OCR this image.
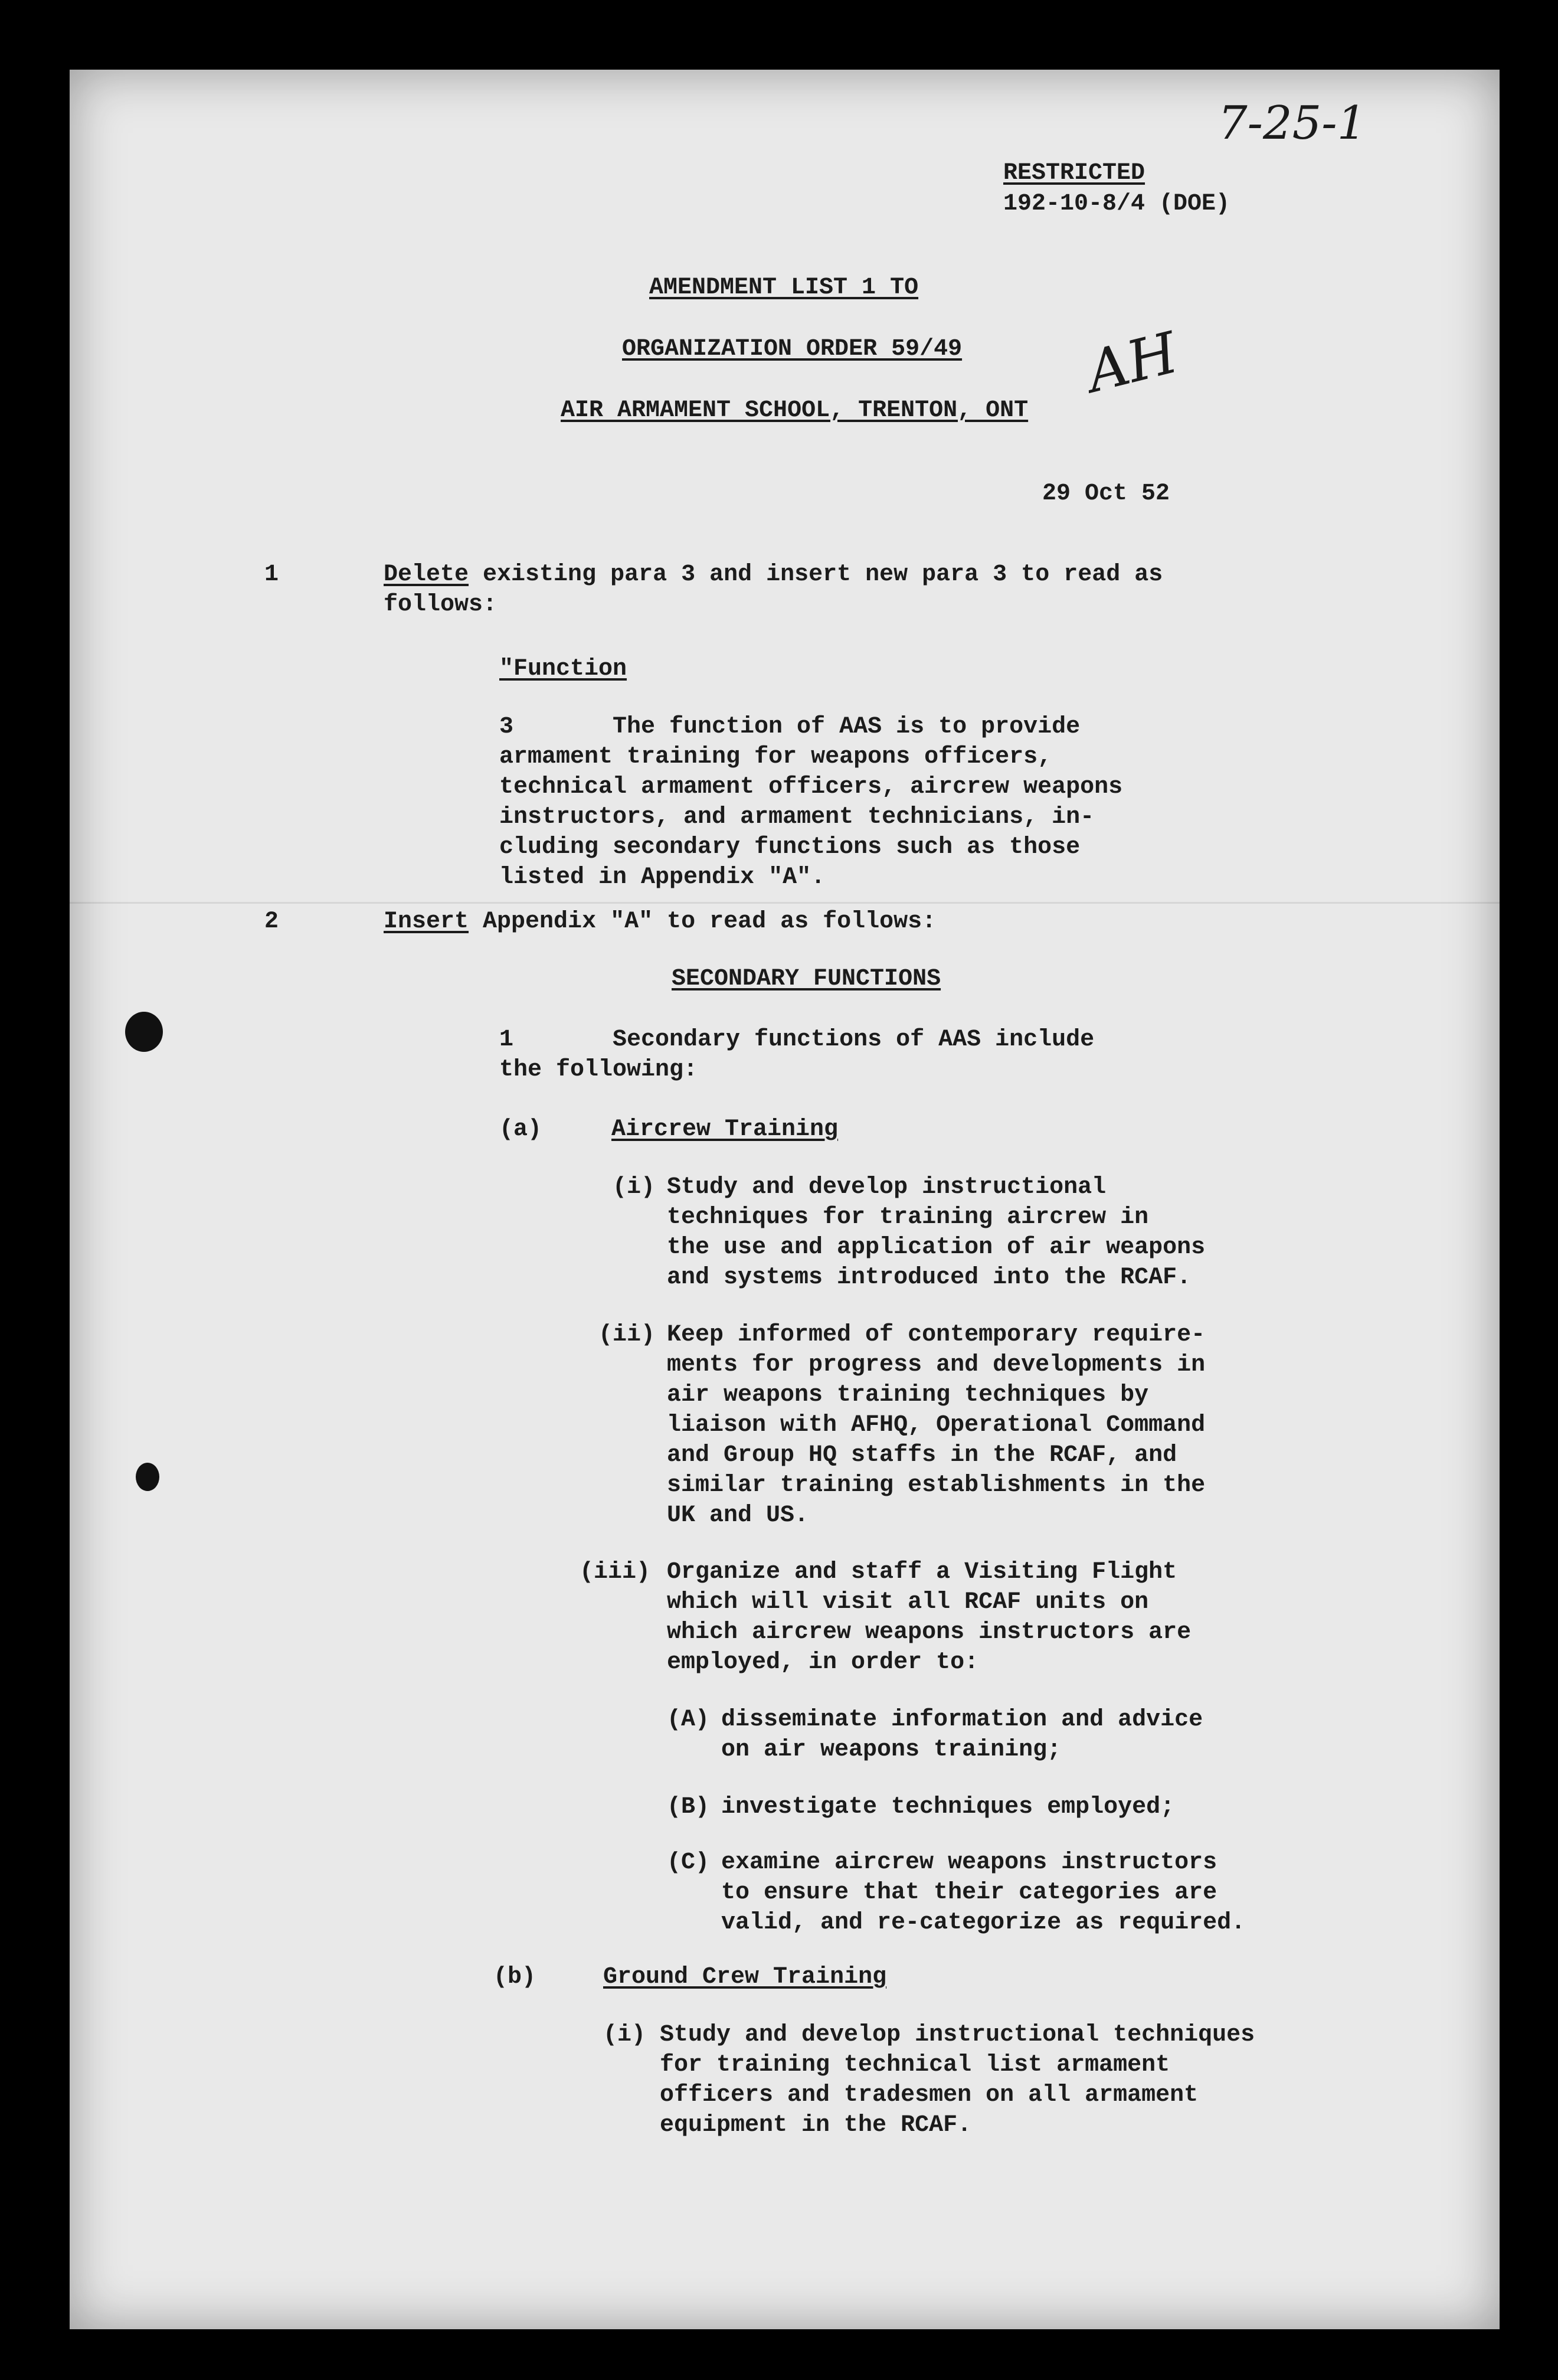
7-25-1

AH

RESTRICTED

192-10-8/4 (DOE)

AMENDMENT LIST 1 TO

ORGANIZATION ORDER 59/49

AIR ARMAMENT SCHOOL, TRENTON, ONT

29 Oct 52

1	Delete existing para 3 and insert new para 3 to read as

follows:

"Function

3	The function of AAS is to provide

armament training for weapons officers,

technical armament officers, aircrew weapons

instructors, and armament technicians, in-

cluding secondary functions such as those

listed in Appendix "A".

2	Insert Appendix "A" to read as follows:

SECONDARY FUNCTIONS

1	Secondary functions of AAS include

the following:

(a)	Aircrew Training

(i) Study and develop instructional

techniques for training aircrew in

the use and application of air weapons

and systems introduced into the RCAF.

(ii) Keep informed of contemporary require-

ments for progress and developments in

air weapons training techniques by

liaison with AFHQ, Operational Command

and Group HQ staffs in the RCAF, and

similar training establishments in the

UK and US.

(iii) Organize and staff a Visiting Flight

which will visit all RCAF units on

which aircrew weapons instructors are

employed, in order to:

(A) disseminate information and advice

on air weapons training;

(B) investigate techniques employed;

(C) examine aircrew weapons instructors

to ensure that their categories are

valid, and re-categorize as required.

(b)	Ground Crew Training

(i) Study and develop instructional techniques

for training technical list armament

officers and tradesmen on all armament

equipment in the RCAF.
